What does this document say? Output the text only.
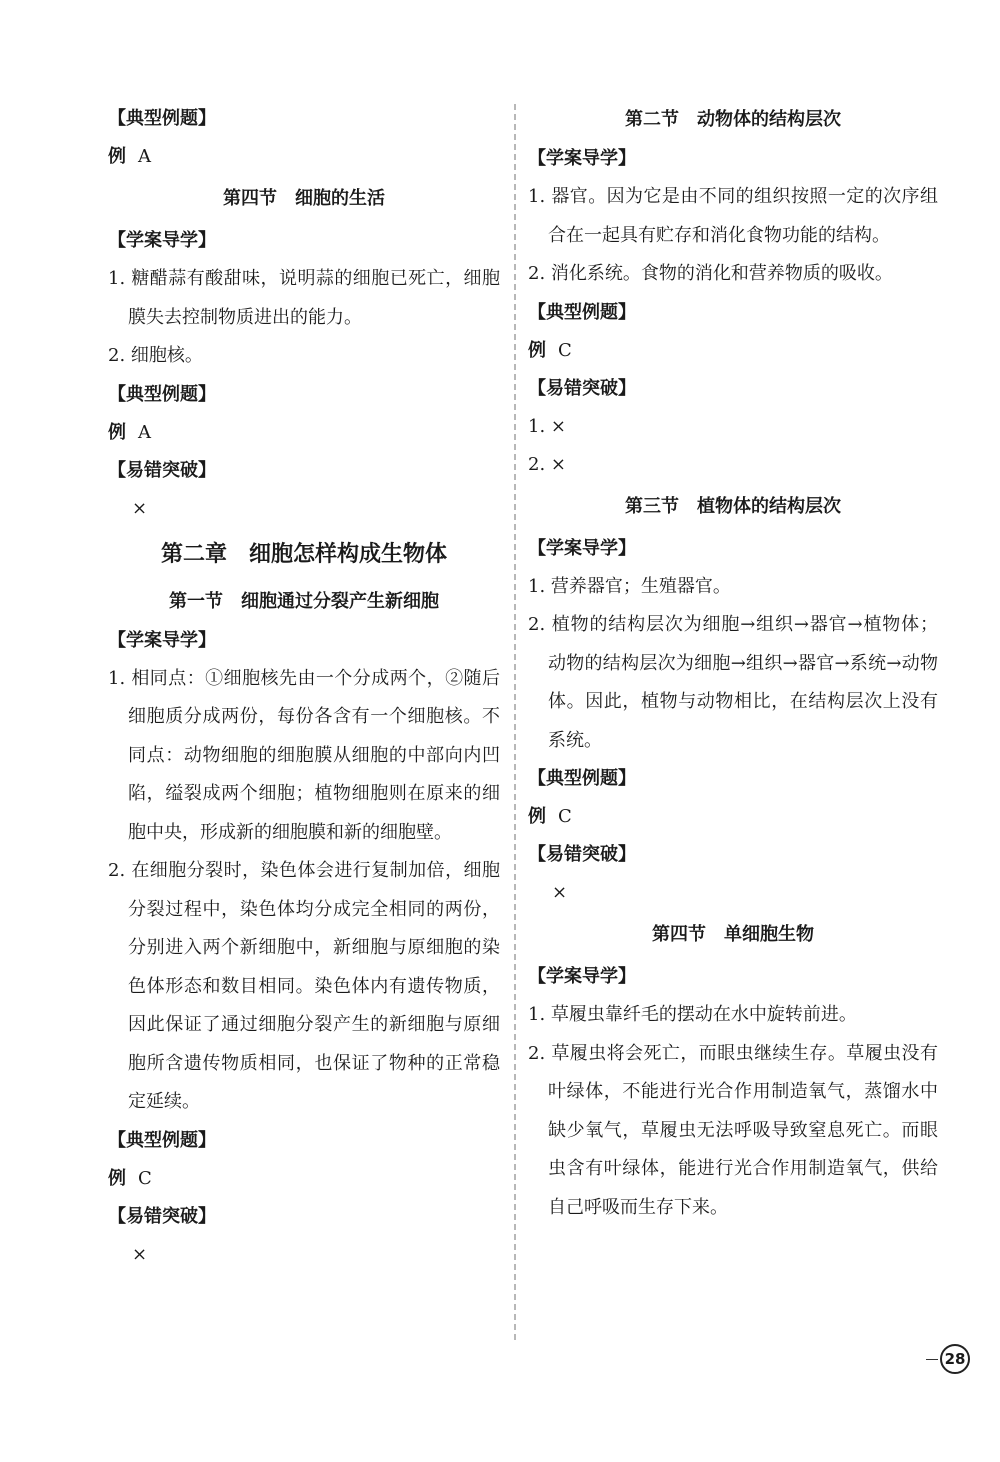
【典型例题】

例 A

第四节　细胞的生活
【学案导学】

1. 糖醋蒜有酸甜味，说明蒜的细胞已死亡，细胞膜失去控制物质进出的能力。

2. 细胞核。

【典型例题】

例 A

【易错突破】

×

第二章　细胞怎样构成生物体
第一节　细胞通过分裂产生新细胞
【学案导学】

1. 相同点：①细胞核先由一个分成两个，②随后细胞质分成两份，每份各含有一个细胞核。不同点：动物细胞的细胞膜从细胞的中部向内凹陷，缢裂成两个细胞；植物细胞则在原来的细胞中央，形成新的细胞膜和新的细胞壁。

2. 在细胞分裂时，染色体会进行复制加倍，细胞分裂过程中，染色体均分成完全相同的两份，分别进入两个新细胞中，新细胞与原细胞的染色体形态和数目相同。染色体内有遗传物质，因此保证了通过细胞分裂产生的新细胞与原细胞所含遗传物质相同，也保证了物种的正常稳定延续。

【典型例题】

例 C

【易错突破】

×

第二节　动物体的结构层次
【学案导学】

1. 器官。因为它是由不同的组织按照一定的次序组合在一起具有贮存和消化食物功能的结构。

2. 消化系统。食物的消化和营养物质的吸收。

【典型例题】

例 C

【易错突破】

1. ×

2. ×

第三节　植物体的结构层次
【学案导学】

1. 营养器官；生殖器官。

2. 植物的结构层次为细胞→组织→器官→植物体；动物的结构层次为细胞→组织→器官→系统→动物体。因此，植物与动物相比，在结构层次上没有系统。

【典型例题】

例 C

【易错突破】

×

第四节　单细胞生物
【学案导学】

1. 草履虫靠纤毛的摆动在水中旋转前进。

2. 草履虫将会死亡，而眼虫继续生存。草履虫没有叶绿体，不能进行光合作用制造氧气，蒸馏水中缺少氧气，草履虫无法呼吸导致窒息死亡。而眼虫含有叶绿体，能进行光合作用制造氧气，供给自己呼吸而生存下来。

28
